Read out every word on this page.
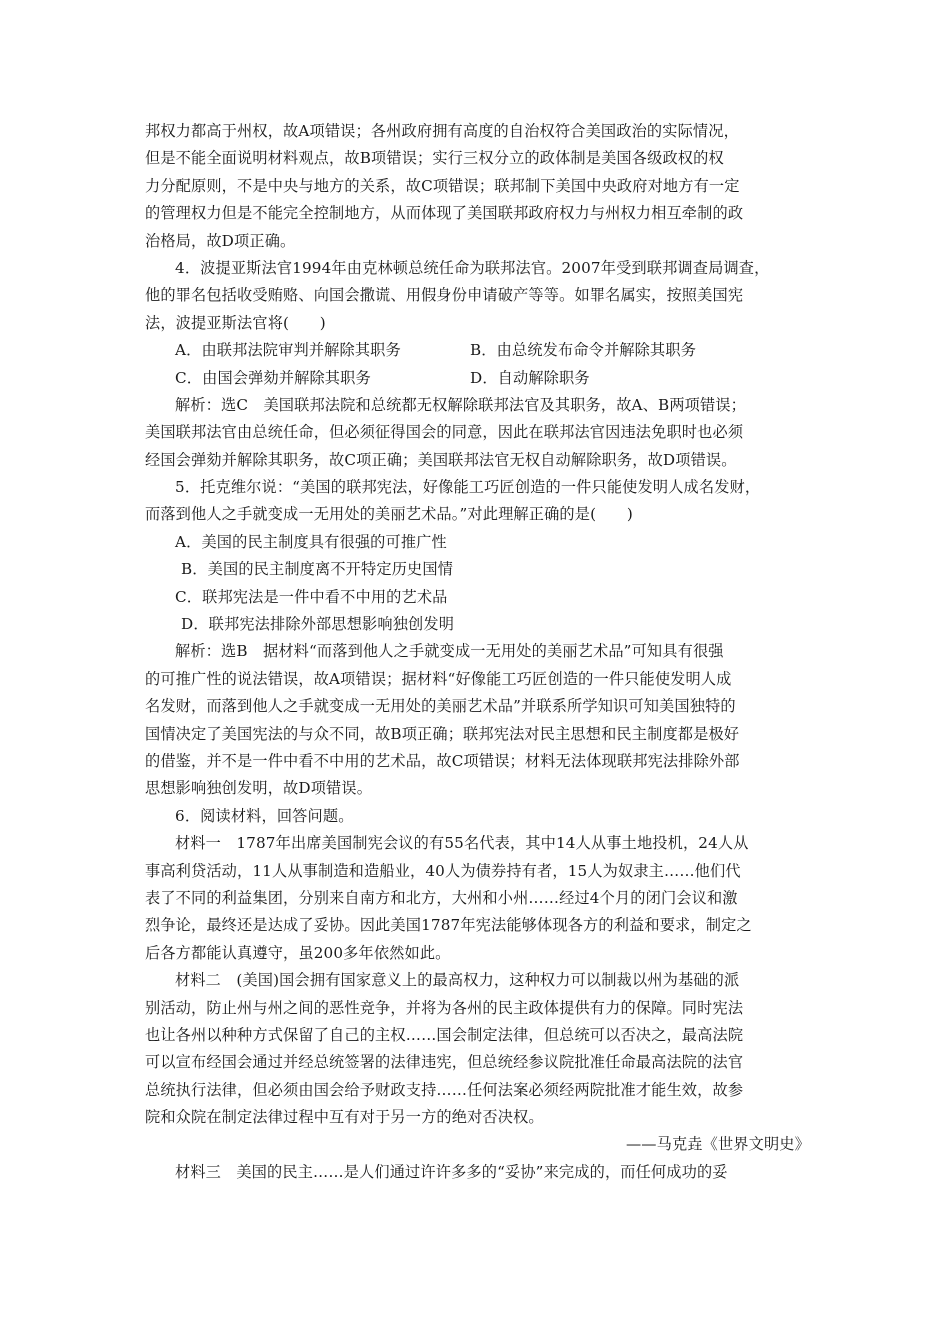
邦权力都高于州权，故A项错误；各州政府拥有高度的自治权符合美国政治的实际情况，
但是不能全面说明材料观点，故B项错误；实行三权分立的政体制是美国各级政权的权
力分配原则，不是中央与地方的关系，故C项错误；联邦制下美国中央政府对地方有一定
的管理权力但是不能完全控制地方，从而体现了美国联邦政府权力与州权力相互牵制的政
治格局，故D项正确。
4．波提亚斯法官1994年由克林顿总统任命为联邦法官。2007年受到联邦调查局调查，
他的罪名包括收受贿赂、向国会撒谎、用假身份申请破产等等。如罪名属实，按照美国宪
法，波提亚斯法官将(　　)
A．由联邦法院审判并解除其职务	B．由总统发布命令并解除其职务
C．由国会弹劾并解除其职务	D．自动解除职务
解析：选C　美国联邦法院和总统都无权解除联邦法官及其职务，故A、B两项错误；
美国联邦法官由总统任命，但必须征得国会的同意，因此在联邦法官因违法免职时也必须
经国会弹劾并解除其职务，故C项正确；美国联邦法官无权自动解除职务，故D项错误。
5．托克维尔说：“美国的联邦宪法，好像能工巧匠创造的一件只能使发明人成名发财，
而落到他人之手就变成一无用处的美丽艺术品。”对此理解正确的是(　　)
A．美国的民主制度具有很强的可推广性
B．美国的民主制度离不开特定历史国情
C．联邦宪法是一件中看不中用的艺术品
D．联邦宪法排除外部思想影响独创发明
解析：选B　据材料“而落到他人之手就变成一无用处的美丽艺术品”可知具有很强
的可推广性的说法错误，故A项错误；据材料“好像能工巧匠创造的一件只能使发明人成
名发财，而落到他人之手就变成一无用处的美丽艺术品”并联系所学知识可知美国独特的
国情决定了美国宪法的与众不同，故B项正确；联邦宪法对民主思想和民主制度都是极好
的借鉴，并不是一件中看不中用的艺术品，故C项错误；材料无法体现联邦宪法排除外部
思想影响独创发明，故D项错误。
6．阅读材料，回答问题。
材料一　1787年出席美国制宪会议的有55名代表，其中14人从事土地投机，24人从
事高利贷活动，11人从事制造和造船业，40人为债券持有者，15人为奴隶主……他们代
表了不同的利益集团，分别来自南方和北方，大州和小州……经过4个月的闭门会议和激
烈争论，最终还是达成了妥协。因此美国1787年宪法能够体现各方的利益和要求，制定之
后各方都能认真遵守，虽200多年依然如此。
材料二　(美国)国会拥有国家意义上的最高权力，这种权力可以制裁以州为基础的派
别活动，防止州与州之间的恶性竞争，并将为各州的民主政体提供有力的保障。同时宪法
也让各州以种种方式保留了自己的主权……国会制定法律，但总统可以否决之，最高法院
可以宣布经国会通过并经总统签署的法律违宪，但总统经参议院批准任命最高法院的法官
总统执行法律，但必须由国会给予财政支持……任何法案必须经两院批准才能生效，故参
院和众院在制定法律过程中互有对于另一方的绝对否决权。
——马克垚《世界文明史》
材料三　美国的民主……是人们通过许许多多的“妥协”来完成的，而任何成功的妥
